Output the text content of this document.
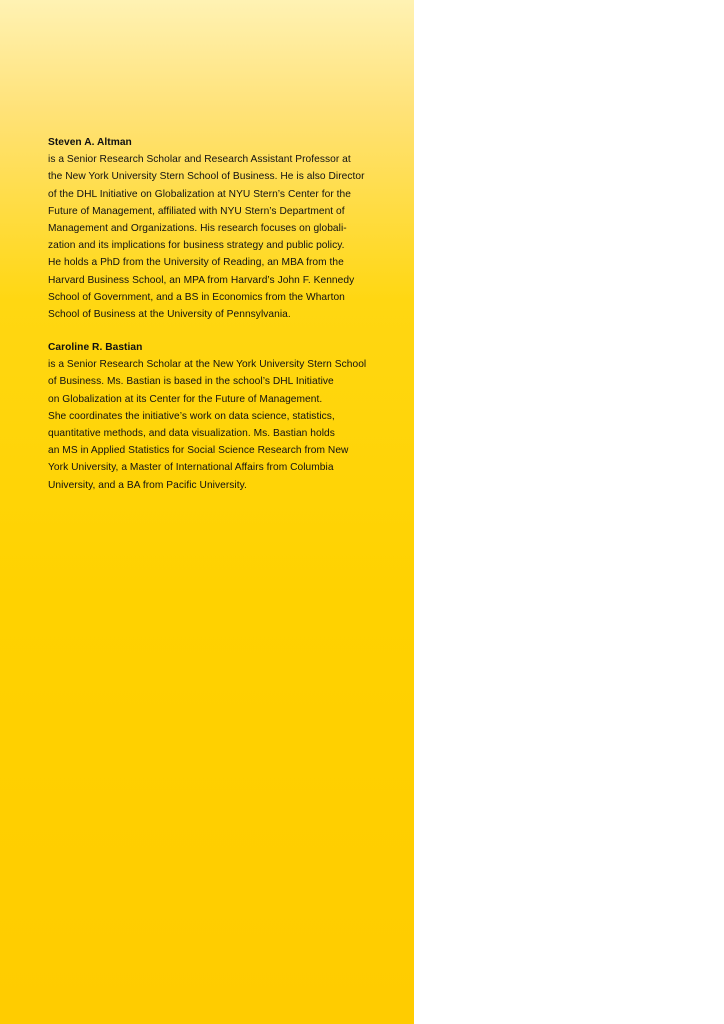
Steven A. Altman
is a Senior Research Scholar and Research Assistant Professor at
the New York University Stern School of Business. He is also Director
of the DHL Initiative on Globalization at NYU Stern’s Center for the
Future of Management, affiliated with NYU Stern’s Department of
Management and Organizations. His research focuses on globali-
zation and its implications for business strategy and public policy.
He holds a PhD from the University of Reading, an MBA from the
Harvard Business School, an MPA from Harvard’s John F. Kennedy
School of Government, and a BS in Economics from the Wharton
School of Business at the University of Pennsylvania.
Caroline R. Bastian
is a Senior Research Scholar at the New York University Stern School
of Business. Ms. Bastian is based in the school’s DHL Initiative
on Globalization at its Center for the Future of Management.
She coordinates the initiative’s work on data science, statistics,
quantitative methods, and data visualization. Ms. Bastian holds
an MS in Applied Statistics for Social Science Research from New
York University, a Master of International Affairs from Columbia
University, and a BA from Pacific University.
